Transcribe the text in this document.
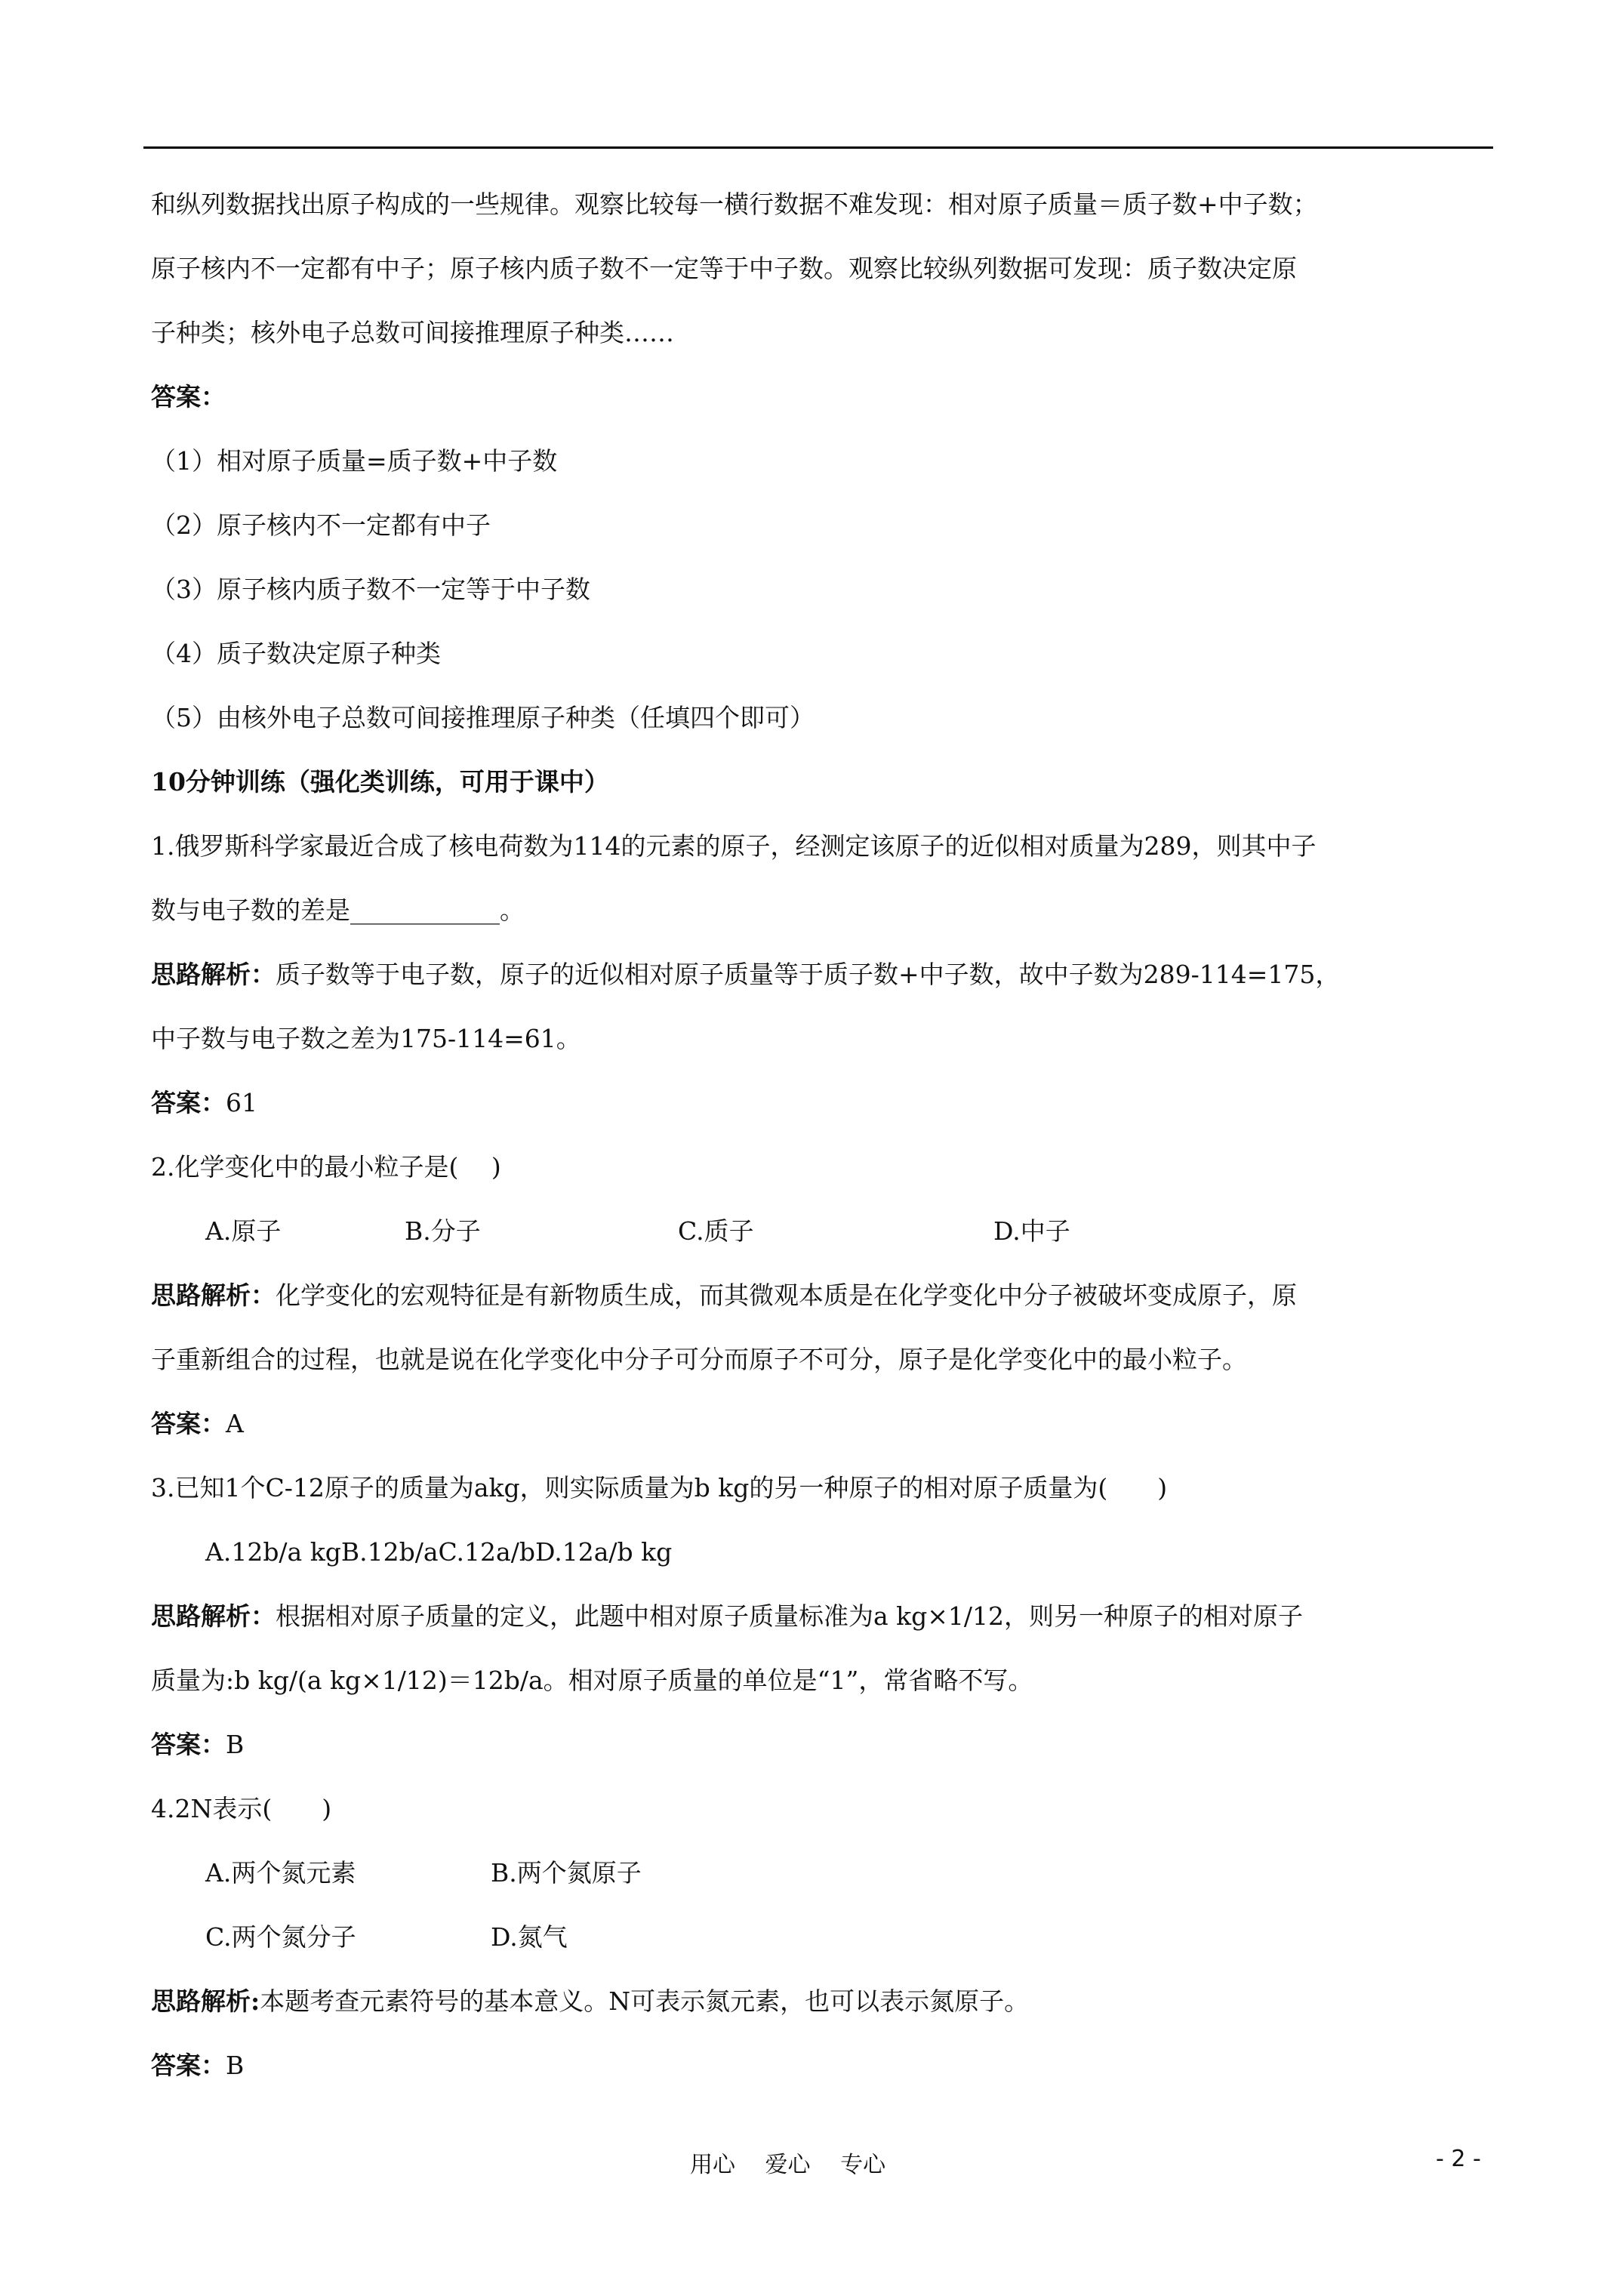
和纵列数据找出原子构成的一些规律。观察比较每一横行数据不难发现：相对原子质量＝质子数+中子数；
原子核内不一定都有中子；原子核内质子数不一定等于中子数。观察比较纵列数据可发现：质子数决定原
子种类；核外电子总数可间接推理原子种类……
答案：
（1）相对原子质量=质子数+中子数
（2）原子核内不一定都有中子
（3）原子核内质子数不一定等于中子数
（4）质子数决定原子种类
（5）由核外电子总数可间接推理原子种类（任填四个即可）
10分钟训练（强化类训练，可用于课中）
1.俄罗斯科学家最近合成了核电荷数为114的元素的原子，经测定该原子的近似相对质量为289，则其中子
数与电子数的差是____________。
思路解析：质子数等于电子数，原子的近似相对原子质量等于质子数+中子数，故中子数为289-114=175，
中子数与电子数之差为175-114=61。
答案：61
2.化学变化中的最小粒子是(　 )
A.原子	B.分子	C.质子	D.中子
思路解析：化学变化的宏观特征是有新物质生成，而其微观本质是在化学变化中分子被破坏变成原子，原
子重新组合的过程，也就是说在化学变化中分子可分而原子不可分，原子是化学变化中的最小粒子。
答案：A
3.已知1个C-12原子的质量为akg，则实际质量为b kg的另一种原子的相对原子质量为(　　)
A.12b/a kgB.12b/aC.12a/bD.12a/b kg
思路解析：根据相对原子质量的定义，此题中相对原子质量标准为a kg×1/12，则另一种原子的相对原子
质量为:b kg/(a kg×1/12)＝12b/a。相对原子质量的单位是“1”，常省略不写。
答案：B
4.2N表示(　　)
A.两个氮元素	B.两个氮原子
C.两个氮分子	D.氮气
思路解析:本题考查元素符号的基本意义。N可表示氮元素，也可以表示氮原子。
答案：B
用心　 爱心　 专心	- 2 -
